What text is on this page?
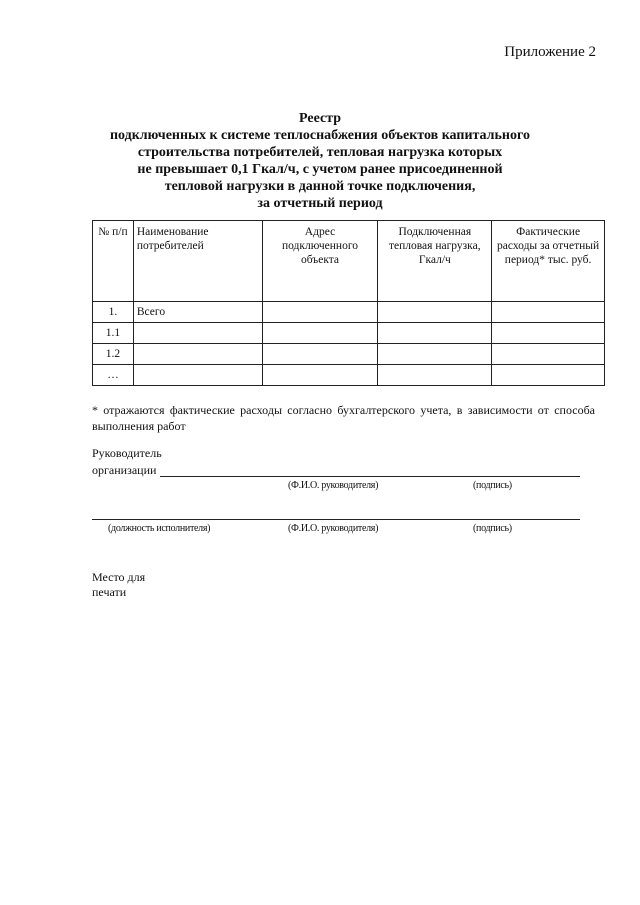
Приложение 2
Реестр
подключенных к системе теплоснабжения объектов капитального
строительства потребителей, тепловая нагрузка которых
не превышает 0,1 Гкал/ч, с учетом ранее присоединенной
тепловой нагрузки в данной точке подключения,
за отчетный период
№ п/п	Наименование потребителей	Адрес подключенного объекта	Подключенная тепловая нагрузка, Гкал/ч	Фактические расходы за отчетный период* тыс. руб.
1.	Всего			
1.1				
1.2				
…				
* отражаются фактические расходы согласно бухгалтерского учета, в зависимости от способа выполнения работ
Руководитель
организации
(Ф.И.О. руководителя)	(подпись)
(должность исполнителя)	(Ф.И.О. руководителя)	(подпись)
Место для
печати
